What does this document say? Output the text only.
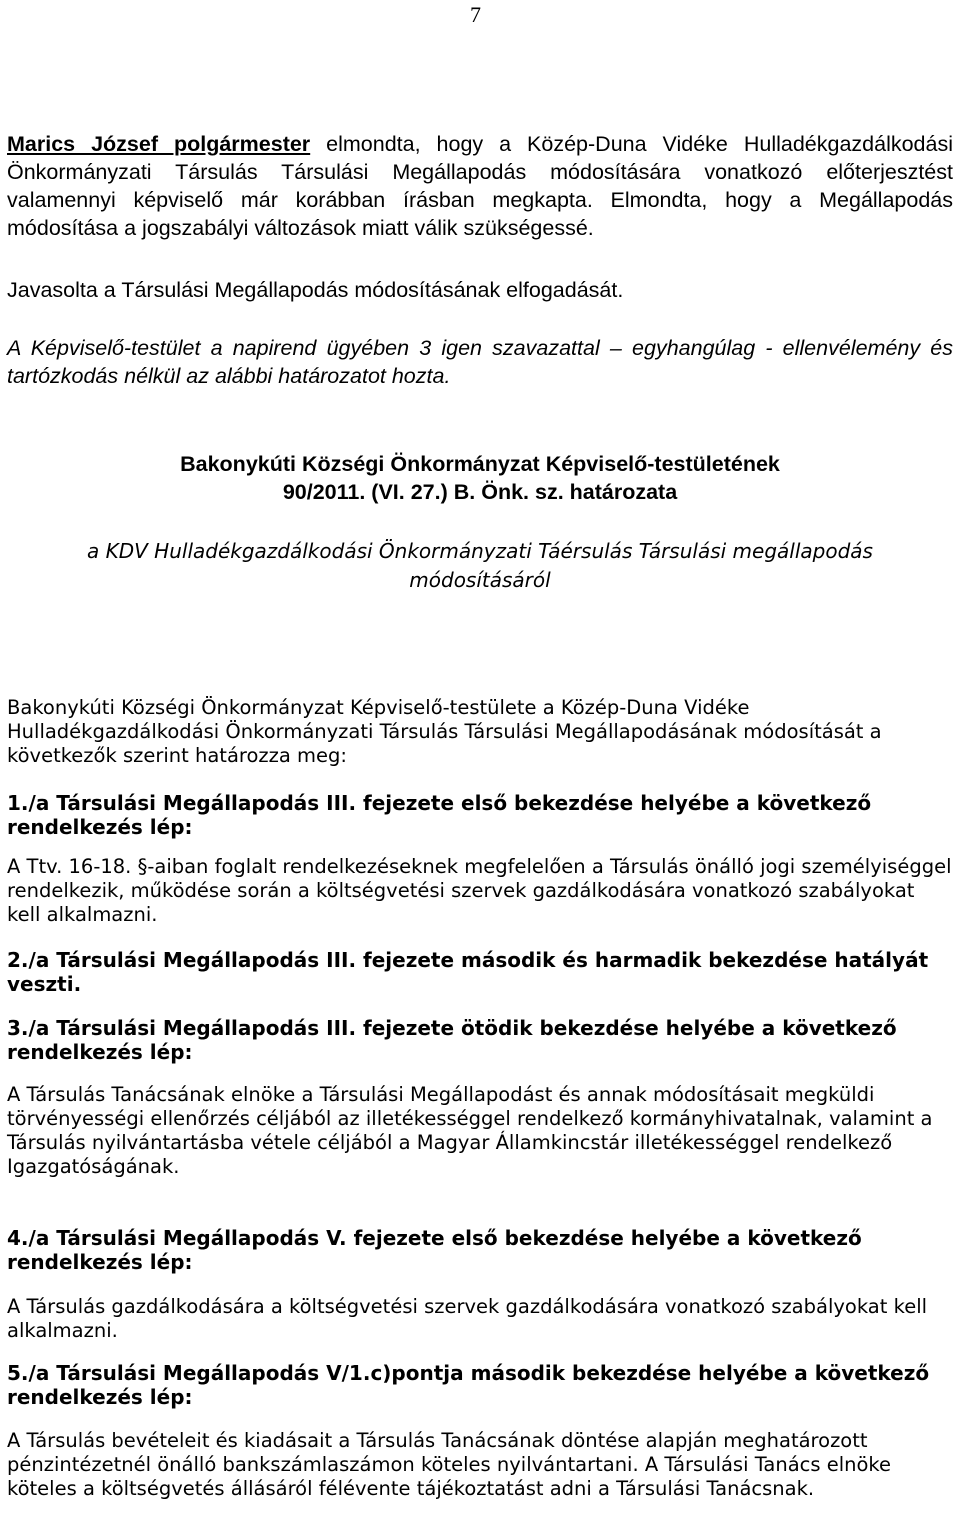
7
Marics József polgármester elmondta, hogy a Közép-Duna Vidéke Hulladékgazdálkodási Önkormányzati Társulás Társulási Megállapodás módosítására vonatkozó előterjesztést valamennyi képviselő már korábban írásban megkapta. Elmondta, hogy a Megállapodás módosítása a jogszabályi változások miatt válik szükségessé.
Javasolta a Társulási Megállapodás módosításának elfogadását.
A Képviselő-testület a napirend ügyében 3 igen szavazattal – egyhangúlag - ellenvélemény és tartózkodás nélkül az alábbi határozatot hozta.
Bakonykúti Községi Önkormányzat Képviselő-testületének
90/2011. (VI. 27.) B. Önk. sz. határozata
a KDV Hulladékgazdálkodási Önkormányzati Táérsulás Társulási megállapodás
módosításáról
Bakonykúti Községi Önkormányzat Képviselő-testülete a Közép-Duna Vidéke Hulladékgazdálkodási Önkormányzati Társulás Társulási Megállapodásának módosítását a következők szerint határozza meg:
1./a Társulási Megállapodás III. fejezete első bekezdése helyébe a következő rendelkezés lép:
A Ttv. 16-18. §-aiban foglalt rendelkezéseknek megfelelően a Társulás önálló jogi személyiséggel rendelkezik, működése során a költségvetési szervek gazdálkodására vonatkozó szabályokat kell alkalmazni.
2./a Társulási Megállapodás III. fejezete második és harmadik bekezdése hatályát veszti.
3./a Társulási Megállapodás III. fejezete ötödik bekezdése helyébe a következő rendelkezés lép:
A Társulás Tanácsának elnöke a Társulási Megállapodást és annak módosításait megküldi törvényességi ellenőrzés céljából az illetékességgel rendelkező kormányhivatalnak, valamint a Társulás nyilvántartásba vétele céljából a Magyar Államkincstár illetékességgel rendelkező Igazgatóságának.
4./a Társulási Megállapodás V. fejezete első bekezdése helyébe a következő rendelkezés lép:
A Társulás gazdálkodására a költségvetési szervek gazdálkodására vonatkozó szabályokat kell alkalmazni.
5./a Társulási Megállapodás V/1.c)pontja második bekezdése helyébe a következő rendelkezés lép:
A Társulás bevételeit és kiadásait a Társulás Tanácsának döntése alapján meghatározott pénzintézetnél önálló bankszámlaszámon köteles nyilvántartani. A Társulási Tanács elnöke köteles a költségvetés állásáról félévente tájékoztatást adni a Társulási Tanácsnak.
